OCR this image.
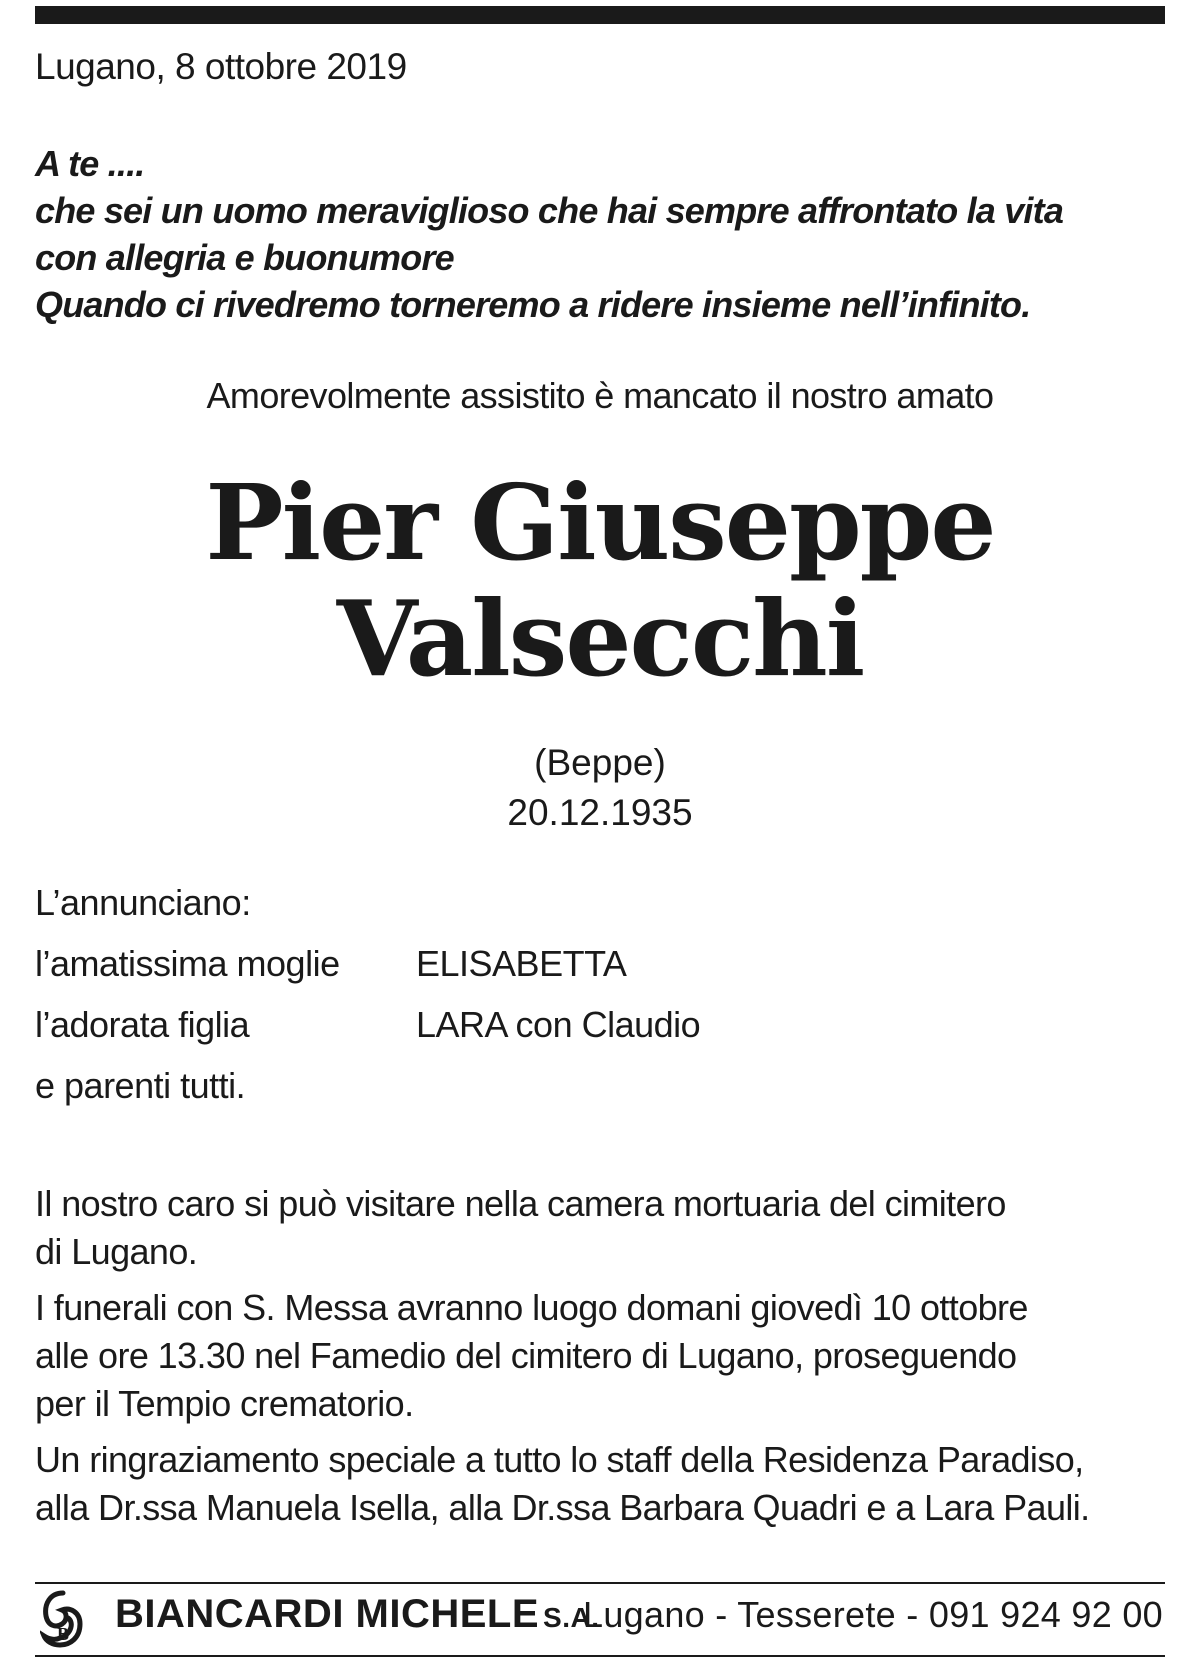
Lugano, 8 ottobre 2019
A te ....
che sei un uomo meraviglioso che hai sempre affrontato la vita
con allegria e buonumore
Quando ci rivedremo torneremo a ridere insieme nell’infinito.
Amorevolmente assistito è mancato il nostro amato
Pier Giuseppe
Valsecchi
(Beppe)
20.12.1935
L’annunciano:
l’amatissima moglie ELISABETTA
l’adorata figlia	LARA con Claudio
e parenti tutti.

Il nostro caro si può visitare nella camera mortuaria del cimitero
di Lugano.

I funerali con S. Messa avranno luogo domani giovedì 10 ottobre
alle ore 13.30 nel Famedio del cimitero di Lugano, proseguendo
per il Tempio crematorio.

Un ringraziamento speciale a tutto lo staff della Residenza Paradiso,
alla Dr.ssa Manuela Isella, alla Dr.ssa Barbara Quadri e a Lara Pauli.

B BIANCARDI MICHELE S.A.
Lugano - Tesserete - 091 924 92 00
